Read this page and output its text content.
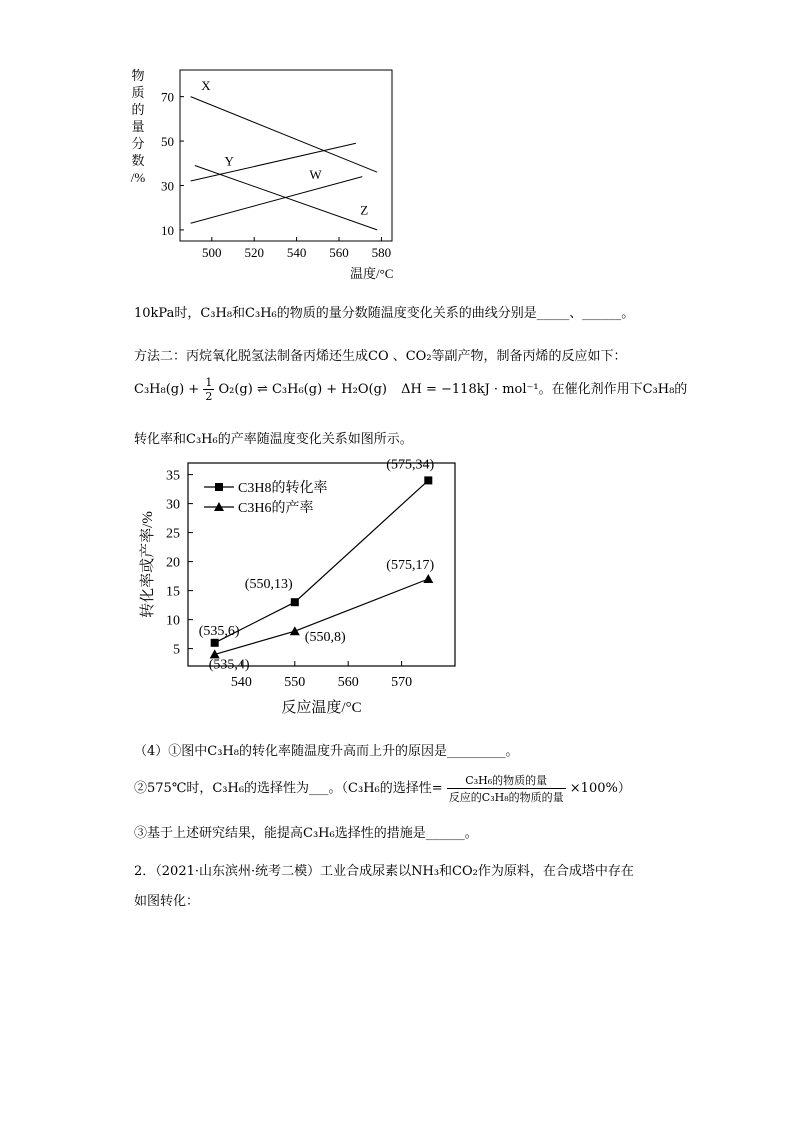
500 520 540 560 580
10
30
50
70
物质的量分数/%
温度/°C
X
Y
W
Z
10kPa时，C₃H₈和C₃H₆的物质的量分数随温度变化关系的曲线分别是_____、______。
方法二：丙烷氧化脱氢法制备丙烯还生成CO 、CO₂等副产物，制备丙烯的反应如下：
$C_3H_8(g) + \frac{1}{2} O_2(g)$ ⇌ C₃H₆(g) + H₂O(g) ΔH = −118kJ · mol⁻¹。在催化剂作用下C₃H₈的
转化率和C₃H₆的产率随温度变化关系如图所示。
540 550 560 570
5
10
15
20
25
30
35
转化率或产率/%
反应温度/°C
C3H8的转化率
C3H6的产率
(535,6)
(550,13)
(575,34)
(535,4)
(550,8)
(575,17)
（4）①图中C₃H₈的转化率随温度升高而上升的原因是_________。
②575℃时，C₃H₆的选择性为___。（C₃H₆的选择性= $\frac{\text{C₃H₆的物质的量}}{\text{反应的C₃H₈的物质的量}} \times 100\%$）
③基于上述研究结果，能提高C₃H₆选择性的措施是______。
2．（2021·山东滨州·统考二模）工业合成尿素以NH₃和CO₂作为原料，在合成塔中存在
如图转化：
